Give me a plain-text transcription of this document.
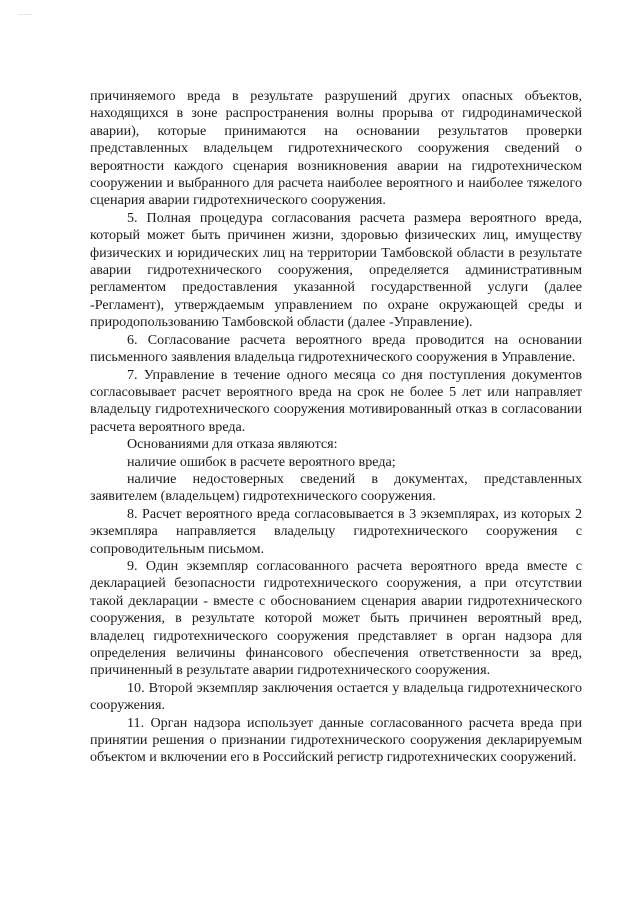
причиняемого вреда в результате разрушений других опасных объектов, находящихся в зоне распространения волны прорыва от гидродинамической аварии), которые принимаются на основании результатов проверки представленных владельцем гидротехнического сооружения сведений о вероятности каждого сценария возникновения аварии на гидротехническом сооружении и выбранного для расчета наиболее вероятного и наиболее тяжелого сценария аварии гидротехнического сооружения.

5. Полная процедура согласования расчета размера вероятного вреда, который может быть причинен жизни, здоровью физических лиц, имуществу физических и юридических лиц на территории Тамбовской области в результате аварии гидротехнического сооружения, определяется административным регламентом предоставления указанной государственной услуги (далее -Регламент), утверждаемым управлением по охране окружающей среды и природопользованию Тамбовской области (далее -Управление).

6. Согласование расчета вероятного вреда проводится на основании письменного заявления владельца гидротехнического сооружения в Управление.

7. Управление в течение одного месяца со дня поступления документов согласовывает расчет вероятного вреда на срок не более 5 лет или направляет владельцу гидротехнического сооружения мотивированный отказ в согласовании расчета вероятного вреда.

Основаниями для отказа являются:

наличие ошибок в расчете вероятного вреда;

наличие недостоверных сведений в документах, представленных заявителем (владельцем) гидротехнического сооружения.

8. Расчет вероятного вреда согласовывается в 3 экземплярах, из которых 2 экземпляра направляется владельцу гидротехнического сооружения с сопроводительным письмом.

9. Один экземпляр согласованного расчета вероятного вреда вместе с декларацией безопасности гидротехнического сооружения, а при отсутствии такой декларации - вместе с обоснованием сценария аварии гидротехнического сооружения, в результате которой может быть причинен вероятный вред, владелец гидротехнического сооружения представляет в орган надзора для определения величины финансового обеспечения ответственности за вред, причиненный в результате аварии гидротехнического сооружения.

10. Второй экземпляр заключения остается у владельца гидротехнического сооружения.

11. Орган надзора использует данные согласованного расчета вреда при принятии решения о признании гидротехнического сооружения декларируемым объектом и включении его в Российский регистр гидротехнических сооружений.
